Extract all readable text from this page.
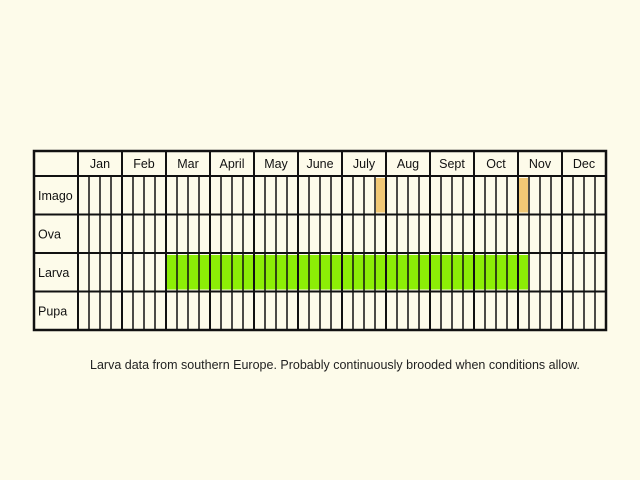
Jan Feb Mar April May June July Aug Sept Oct Nov Dec
Imago
Ova
Larva
Pupa
Larva data from southern Europe. Probably continuously brooded when conditions allow.
